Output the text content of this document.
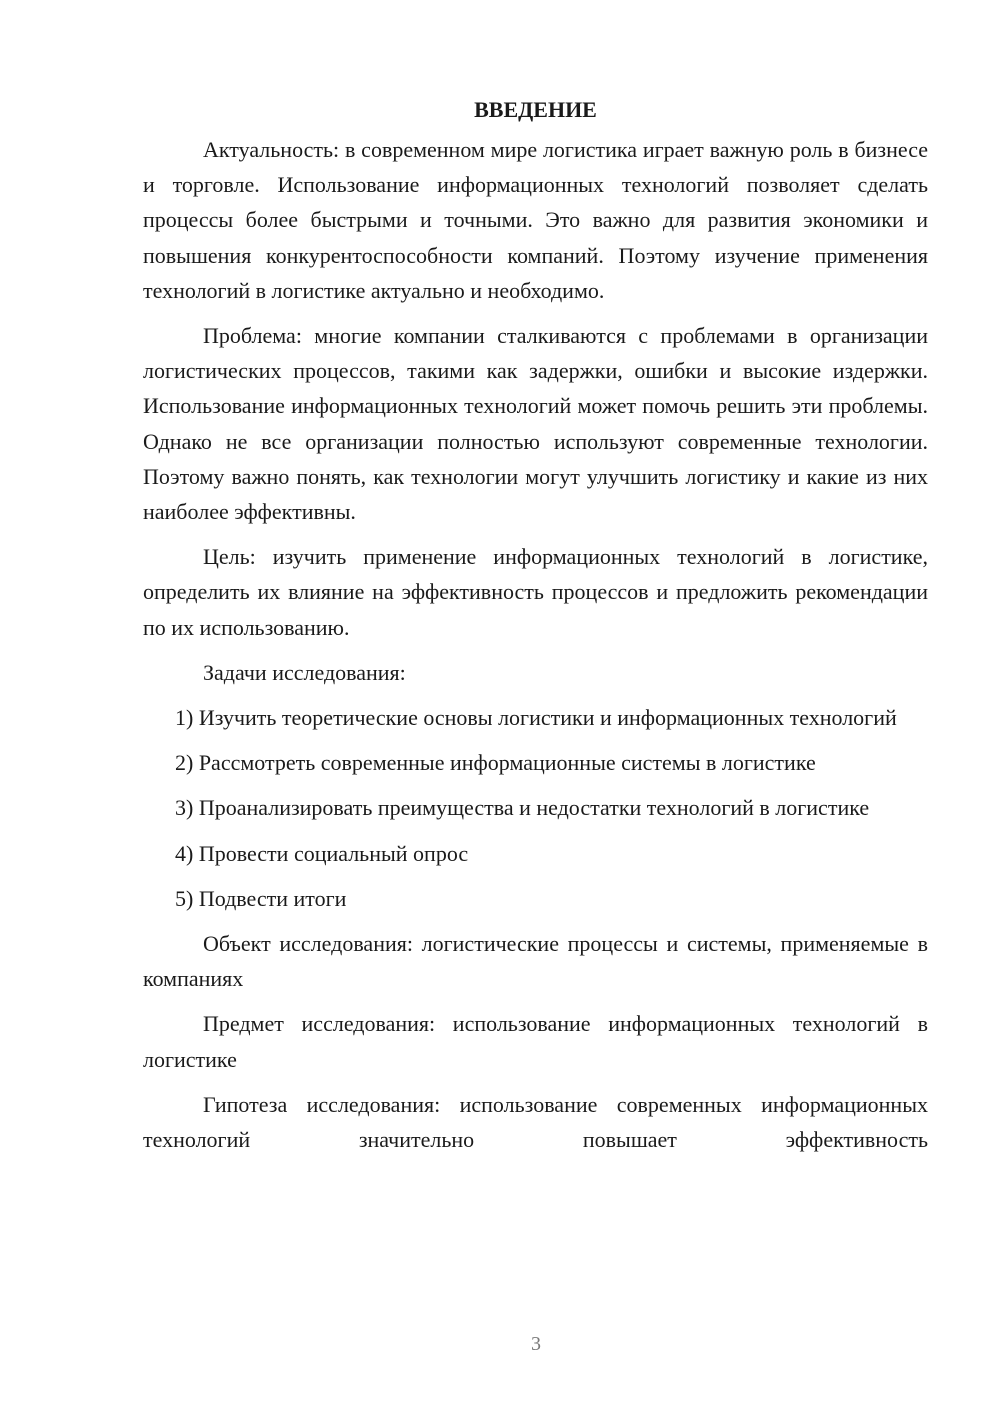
ВВЕДЕНИЕ

Актуальность: в современном мире логистика играет важную роль в бизнесе и торговле. Использование информационных технологий позволяет сделать процессы более быстрыми и точными. Это важно для развития экономики и повышения конкурентоспособности компаний. Поэтому изучение применения технологий в логистике актуально и необходимо.

Проблема: многие компании сталкиваются с проблемами в организации логистических процессов, такими как задержки, ошибки и высокие издержки. Использование информационных технологий может помочь решить эти проблемы. Однако не все организации полностью используют современные технологии. Поэтому важно понять, как технологии могут улучшить логистику и какие из них наиболее эффективны.

Цель: изучить применение информационных технологий в логистике, определить их влияние на эффективность процессов и предложить рекомендации по их использованию.

Задачи исследования:

1) Изучить теоретические основы логистики и информационных технологий

2) Рассмотреть современные информационные системы в логистике

3) Проанализировать преимущества и недостатки технологий в логистике

4) Провести социальный опрос

5) Подвести итоги

Объект исследования: логистические процессы и системы, применяемые в компаниях

Предмет исследования: использование информационных технологий в логистике

Гипотеза исследования: использование современных информационных технологий значительно повышает эффективность

3
